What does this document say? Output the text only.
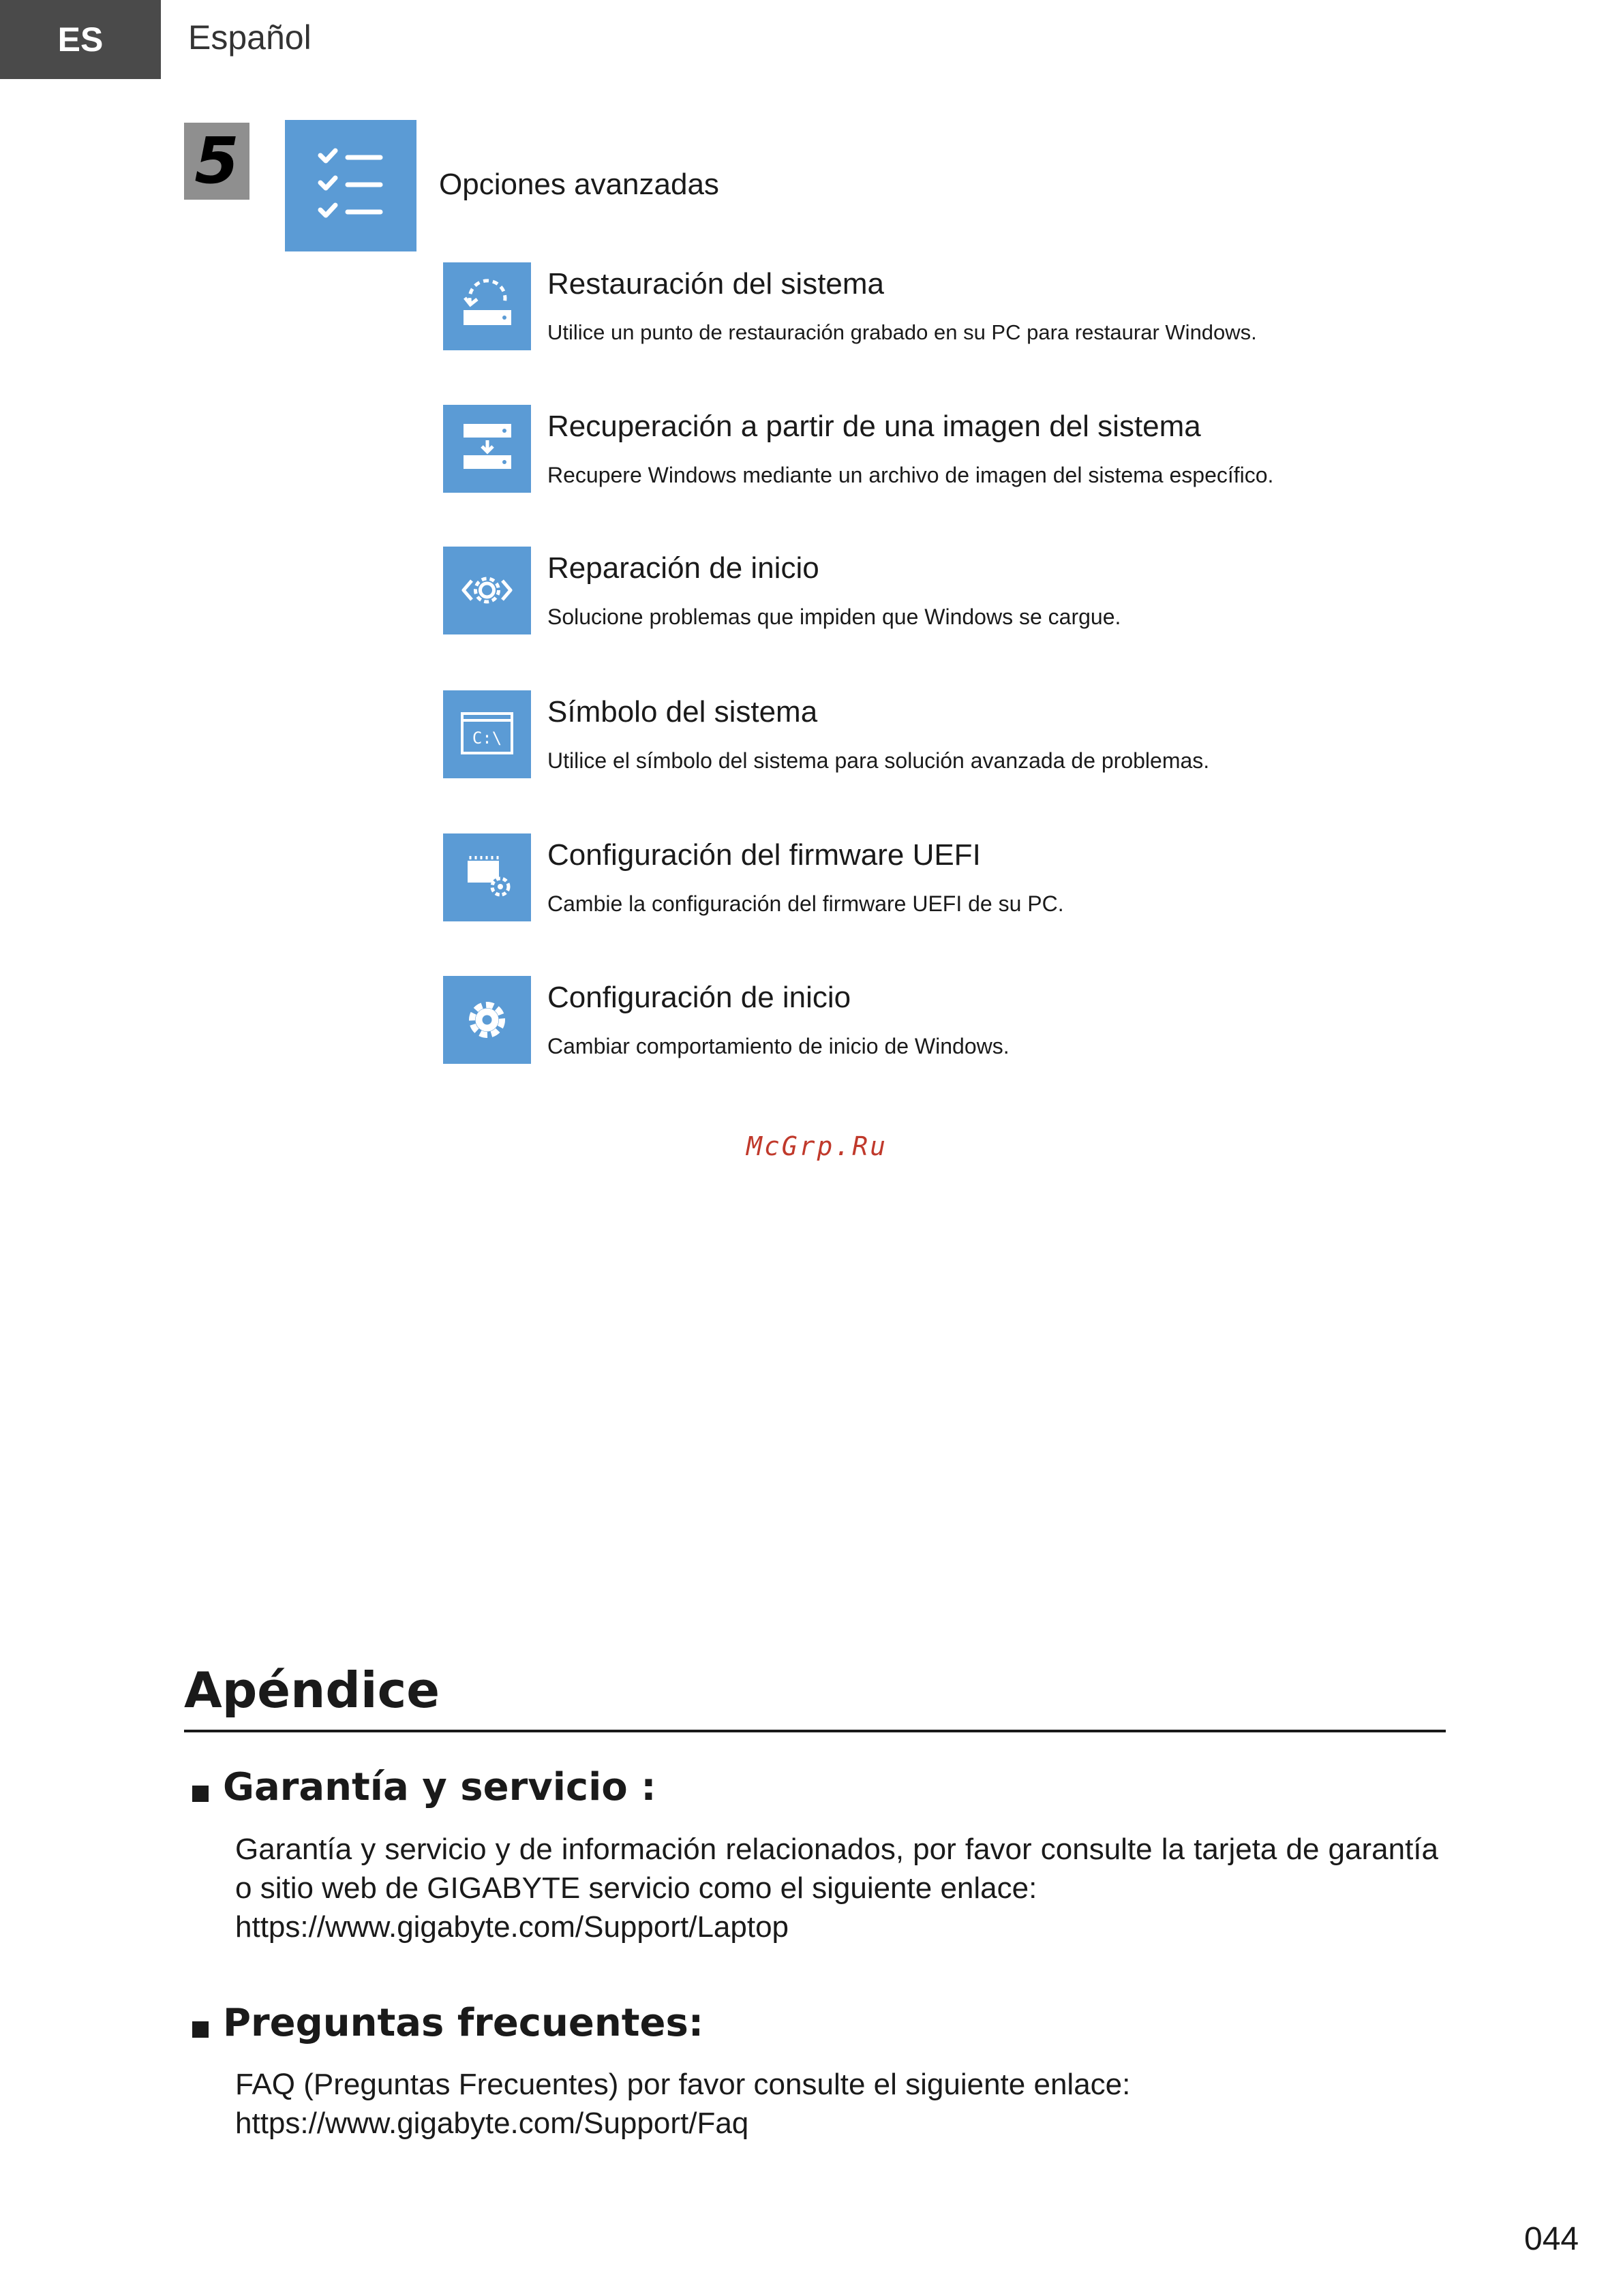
ES	Español
5	Opciones avanzadas
Restauración del sistema
Utilice un punto de restauración grabado en su PC para restaurar Windows.
Recuperación a partir de una imagen del sistema
Recupere Windows mediante un archivo de imagen del sistema específico.
Reparación de inicio
Solucione problemas que impiden que Windows se cargue.
C:\
Símbolo del sistema
Utilice el símbolo del sistema para solución avanzada de problemas.
Configuración del firmware UEFI
Cambie la configuración del firmware UEFI de su PC.
Configuración de inicio
Cambiar comportamiento de inicio de Windows.
McGrp.Ru
Apéndice
Garantía y servicio :
Garantía y servicio y de información relacionados, por favor consulte la tarjeta de garantía o sitio web de GIGABYTE servicio como el siguiente enlace:
https://www.gigabyte.com/Support/Laptop
Preguntas frecuentes:
FAQ (Preguntas Frecuentes) por favor consulte el siguiente enlace:
https://www.gigabyte.com/Support/Faq
044
